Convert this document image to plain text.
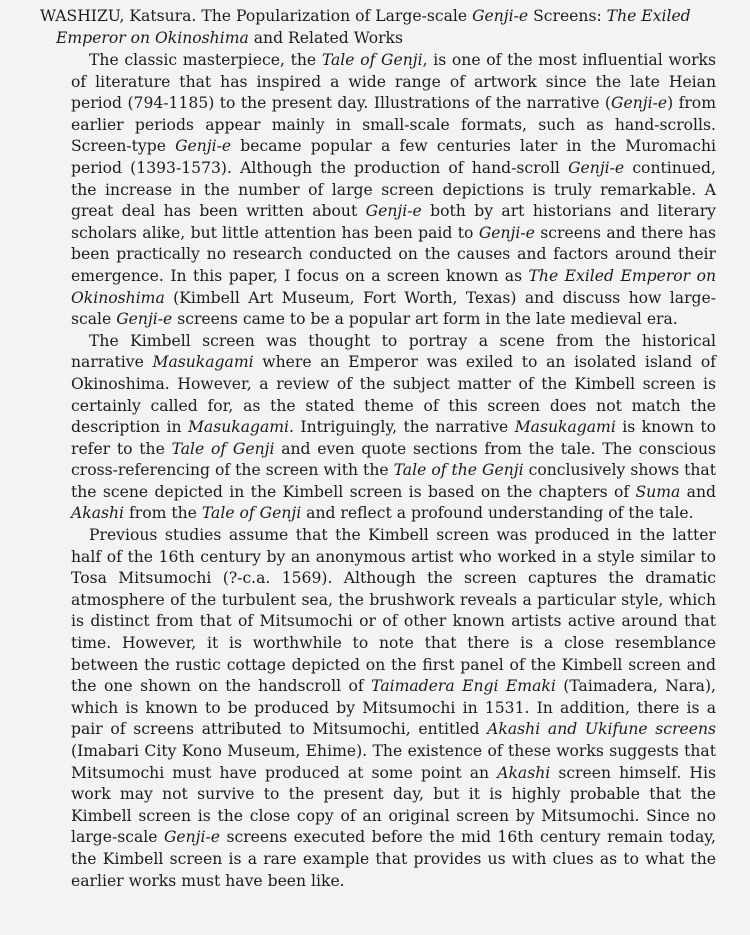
WASHIZU, Katsura. The Popularization of Large-scale Genji-e Screens: The Exiled
Emperor on Okinoshima and Related Works

The classic masterpiece, the Tale of Genji, is one of the most influential works of literature that has inspired a wide range of artwork since the late Heian period (794-1185) to the present day. Illustrations of the narrative (Genji-e) from earlier periods appear mainly in small-scale formats, such as hand-scrolls. Screen-type Genji-e became popular a few centuries later in the Muromachi period (1393-1573). Although the production of hand-scroll Genji-e continued, the increase in the number of large screen depictions is truly remarkable. A great deal has been written about Genji-e both by art historians and literary scholars alike, but little attention has been paid to Genji-e screens and there has been practically no research conducted on the causes and factors around their emergence. In this paper, I focus on a screen known as The Exiled Emperor on Okinoshima (Kimbell Art Museum, Fort Worth, Texas) and discuss how large-scale Genji-e screens came to be a popular art form in the late medieval era.

The Kimbell screen was thought to portray a scene from the historical narrative Masukagami where an Emperor was exiled to an isolated island of Okinoshima. However, a review of the subject matter of the Kimbell screen is certainly called for, as the stated theme of this screen does not match the description in Masukagami. Intriguingly, the narrative Masukagami is known to refer to the Tale of Genji and even quote sections from the tale. The conscious cross-referencing of the screen with the Tale of the Genji conclusively shows that the scene depicted in the Kimbell screen is based on the chapters of Suma and Akashi from the Tale of Genji and reflect a profound understanding of the tale.

Previous studies assume that the Kimbell screen was produced in the latter half of the 16th century by an anonymous artist who worked in a style similar to Tosa Mitsumochi (?-c.a. 1569). Although the screen captures the dramatic atmosphere of the turbulent sea, the brushwork reveals a particular style, which is distinct from that of Mitsumochi or of other known artists active around that time. However, it is worthwhile to note that there is a close resemblance between the rustic cottage depicted on the first panel of the Kimbell screen and the one shown on the handscroll of Taimadera Engi Emaki (Taimadera, Nara), which is known to be produced by Mitsumochi in 1531. In addition, there is a pair of screens attributed to Mitsumochi, entitled Akashi and Ukifune screens (Imabari City Kono Museum, Ehime). The existence of these works suggests that Mitsumochi must have produced at some point an Akashi screen himself. His work may not survive to the present day, but it is highly probable that the Kimbell screen is the close copy of an original screen by Mitsumochi. Since no large-scale Genji-e screens executed before the mid 16th century remain today, the Kimbell screen is a rare example that provides us with clues as to what the earlier works must have been like.
